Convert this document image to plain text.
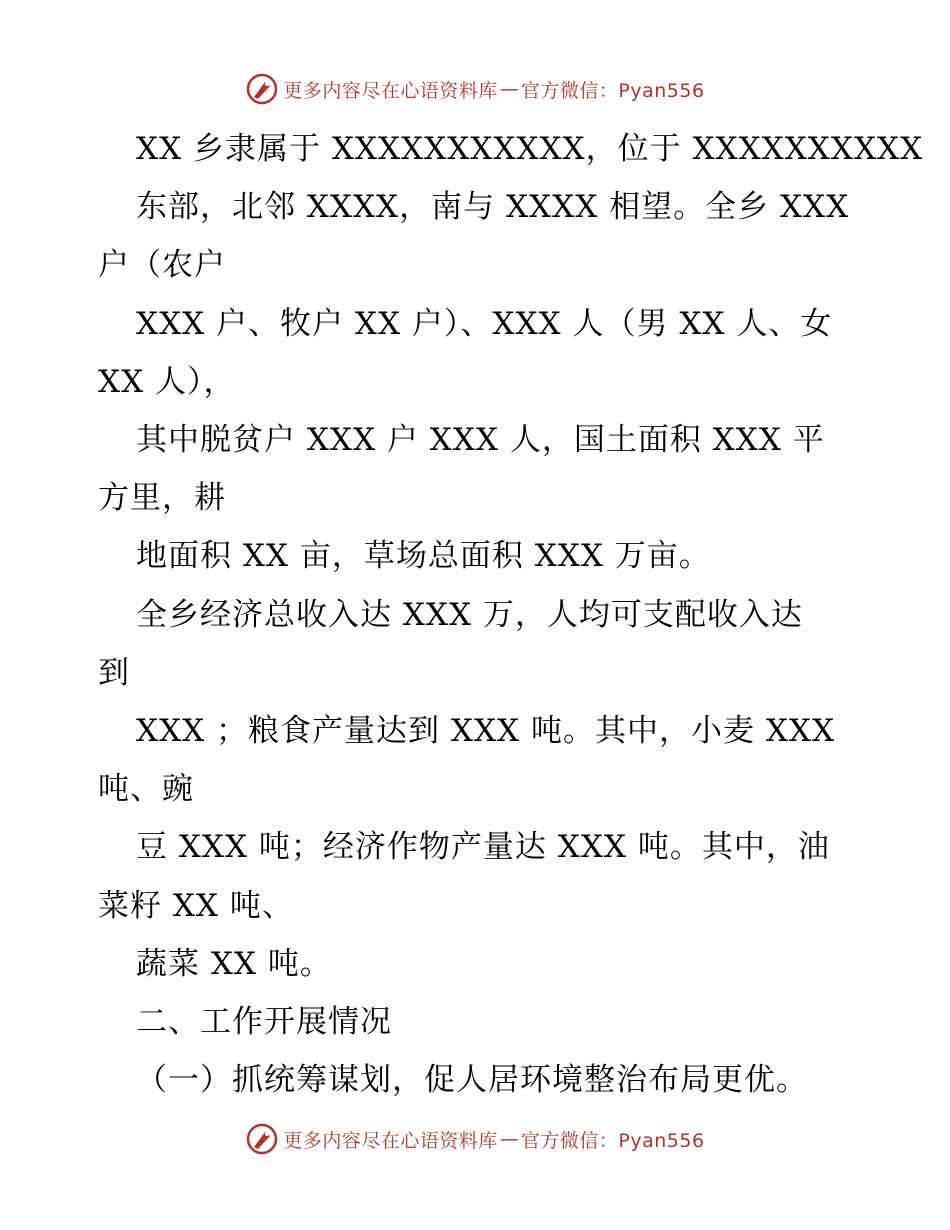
更多内容尽在心语资料库 — 官方微信：Pyan556
XX 乡隶属于 XXXXXXXXXXX，位于 XXXXXXXXXX
东部，北邻 XXXX，南与 XXXX 相望。全乡 XXX
户（农户
XXX 户、牧户 XX 户）、XXX 人（男 XX 人、女
XX 人），
其中脱贫户 XXX 户 XXX 人，国土面积 XXX 平
方里，耕
地面积 XX 亩，草场总面积 XXX 万亩。
全乡经济总收入达 XXX 万，人均可支配收入达
到
XXX ；粮食产量达到 XXX 吨。其中，小麦 XXX
吨、豌
豆 XXX 吨；经济作物产量达 XXX 吨。其中，油
菜籽 XX 吨、
蔬菜 XX 吨。
二、工作开展情况
（一）抓统筹谋划，促人居环境整治布局更优。
更多内容尽在心语资料库 — 官方微信：Pyan556
